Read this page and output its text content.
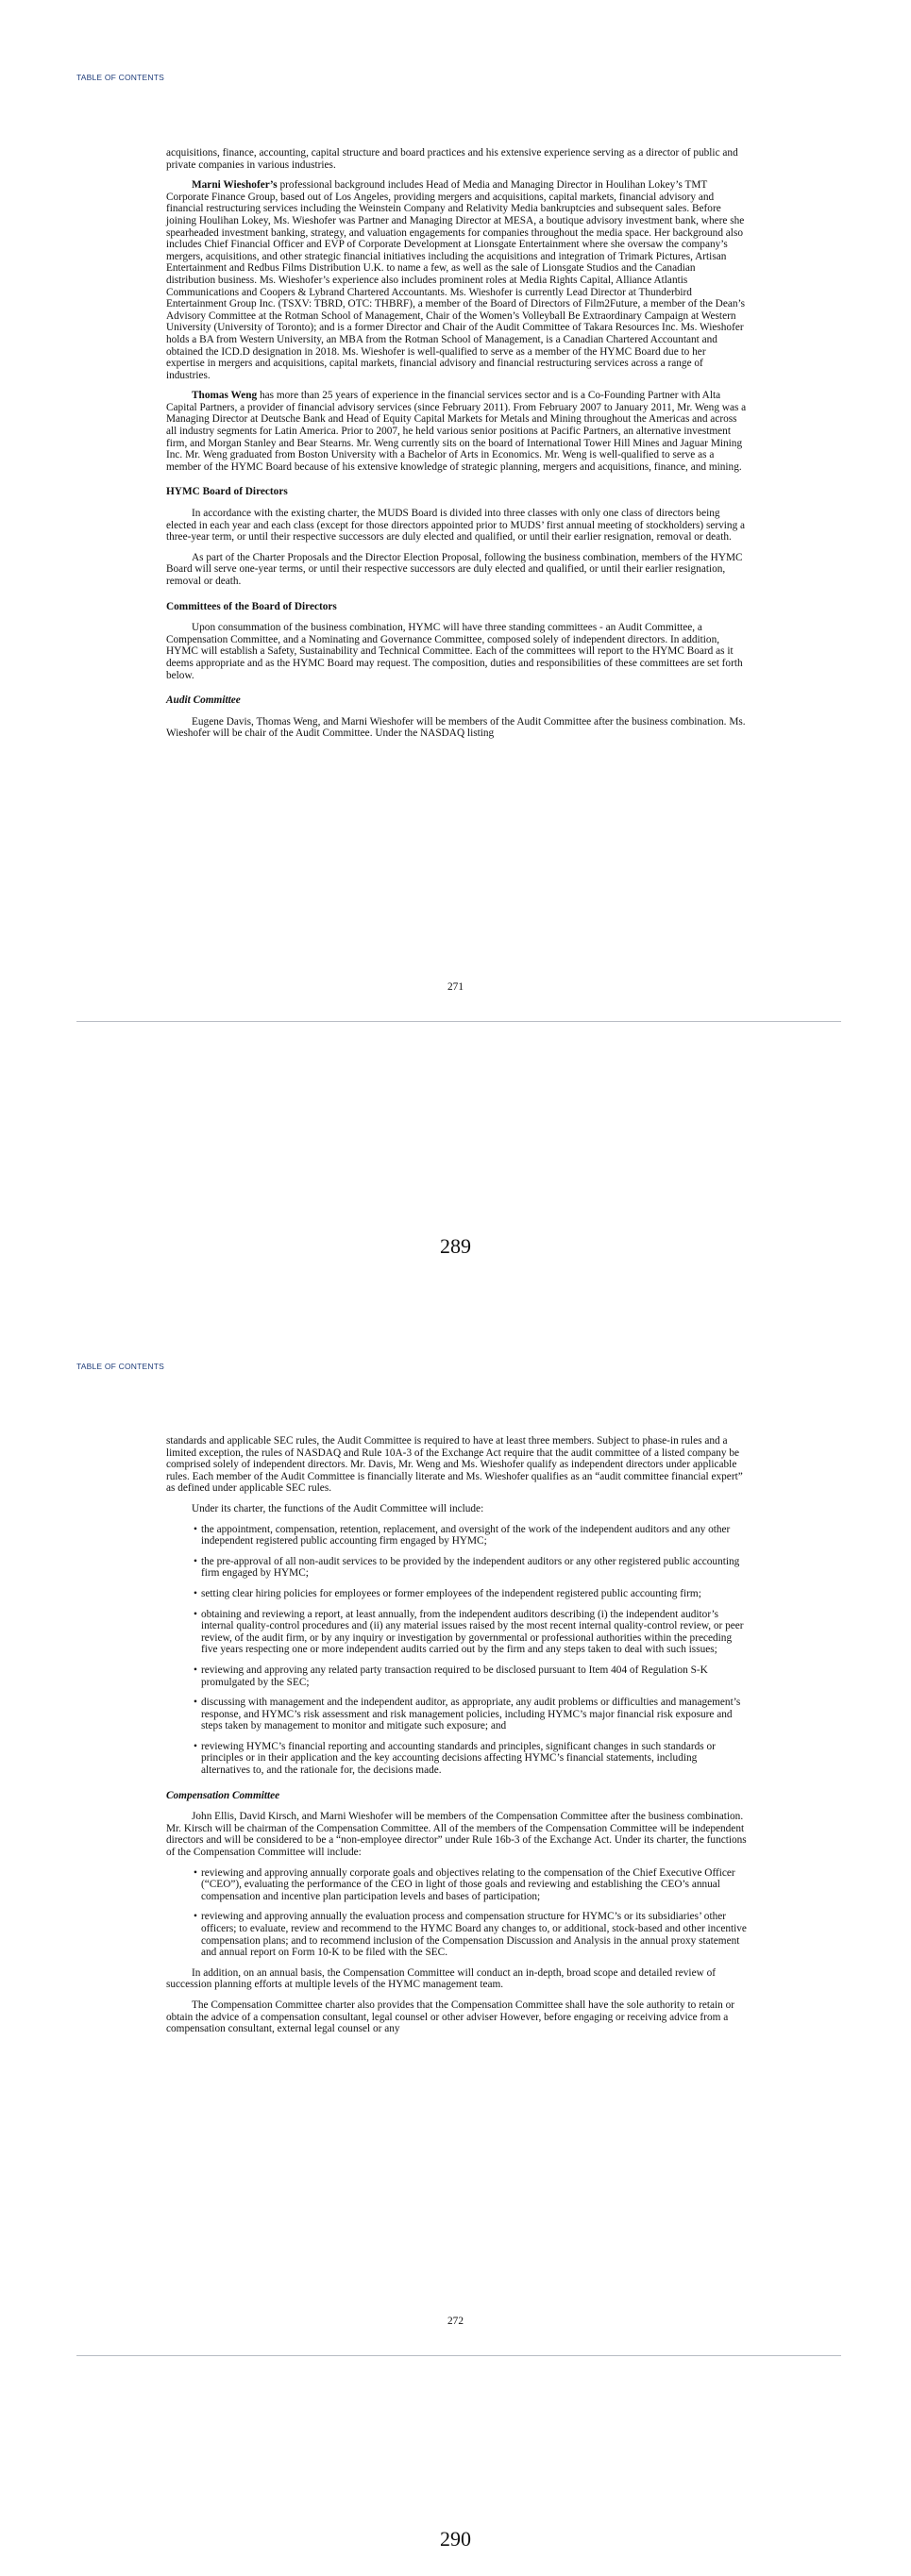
TABLE OF CONTENTS

acquisitions, finance, accounting, capital structure and board practices and his extensive experience serving as a director of public and private companies in various industries.

Marni Wieshofer’s professional background includes Head of Media and Managing Director in Houlihan Lokey’s TMT Corporate Finance Group, based out of Los Angeles, providing mergers and acquisitions, capital markets, financial advisory and financial restructuring services including the Weinstein Company and Relativity Media bankruptcies and subsequent sales. Before joining Houlihan Lokey, Ms. Wieshofer was Partner and Managing Director at MESA, a boutique advisory investment bank, where she spearheaded investment banking, strategy, and valuation engagements for companies throughout the media space. Her background also includes Chief Financial Officer and EVP of Corporate Development at Lionsgate Entertainment where she oversaw the company’s mergers, acquisitions, and other strategic financial initiatives including the acquisitions and integration of Trimark Pictures, Artisan Entertainment and Redbus Films Distribution U.K. to name a few, as well as the sale of Lionsgate Studios and the Canadian distribution business. Ms. Wieshofer’s experience also includes prominent roles at Media Rights Capital, Alliance Atlantis Communications and Coopers & Lybrand Chartered Accountants. Ms. Wieshofer is currently Lead Director at Thunderbird Entertainment Group Inc. (TSXV: TBRD, OTC: THBRF), a member of the Board of Directors of Film2Future, a member of the Dean’s Advisory Committee at the Rotman School of Management, Chair of the Women’s Volleyball Be Extraordinary Campaign at Western University (University of Toronto); and is a former Director and Chair of the Audit Committee of Takara Resources Inc. Ms. Wieshofer holds a BA from Western University, an MBA from the Rotman School of Management, is a Canadian Chartered Accountant and obtained the ICD.D designation in 2018. Ms. Wieshofer is well-qualified to serve as a member of the HYMC Board due to her expertise in mergers and acquisitions, capital markets, financial advisory and financial restructuring services across a range of industries.

Thomas Weng has more than 25 years of experience in the financial services sector and is a Co-Founding Partner with Alta Capital Partners, a provider of financial advisory services (since February 2011). From February 2007 to January 2011, Mr. Weng was a Managing Director at Deutsche Bank and Head of Equity Capital Markets for Metals and Mining throughout the Americas and across all industry segments for Latin America. Prior to 2007, he held various senior positions at Pacific Partners, an alternative investment firm, and Morgan Stanley and Bear Stearns. Mr. Weng currently sits on the board of International Tower Hill Mines and Jaguar Mining Inc. Mr. Weng graduated from Boston University with a Bachelor of Arts in Economics. Mr. Weng is well-qualified to serve as a member of the HYMC Board because of his extensive knowledge of strategic planning, mergers and acquisitions, finance, and mining.

HYMC Board of Directors

In accordance with the existing charter, the MUDS Board is divided into three classes with only one class of directors being elected in each year and each class (except for those directors appointed prior to MUDS’ first annual meeting of stockholders) serving a three-year term, or until their respective successors are duly elected and qualified, or until their earlier resignation, removal or death.

As part of the Charter Proposals and the Director Election Proposal, following the business combination, members of the HYMC Board will serve one-year terms, or until their respective successors are duly elected and qualified, or until their earlier resignation, removal or death.

Committees of the Board of Directors

Upon consummation of the business combination, HYMC will have three standing committees - an Audit Committee, a Compensation Committee, and a Nominating and Governance Committee, composed solely of independent directors. In addition, HYMC will establish a Safety, Sustainability and Technical Committee. Each of the committees will report to the HYMC Board as it deems appropriate and as the HYMC Board may request. The composition, duties and responsibilities of these committees are set forth below.

Audit Committee

Eugene Davis, Thomas Weng, and Marni Wieshofer will be members of the Audit Committee after the business combination. Ms. Wieshofer will be chair of the Audit Committee. Under the NASDAQ listing

271
289
TABLE OF CONTENTS

standards and applicable SEC rules, the Audit Committee is required to have at least three members. Subject to phase-in rules and a limited exception, the rules of NASDAQ and Rule 10A-3 of the Exchange Act require that the audit committee of a listed company be comprised solely of independent directors. Mr. Davis, Mr. Weng and Ms. Wieshofer qualify as independent directors under applicable rules. Each member of the Audit Committee is financially literate and Ms. Wieshofer qualifies as an “audit committee financial expert” as defined under applicable SEC rules.

Under its charter, the functions of the Audit Committee will include:

• the appointment, compensation, retention, replacement, and oversight of the work of the independent auditors and any other independent registered public accounting firm engaged by HYMC;
• the pre-approval of all non-audit services to be provided by the independent auditors or any other registered public accounting firm engaged by HYMC;
• setting clear hiring policies for employees or former employees of the independent registered public accounting firm;
• obtaining and reviewing a report, at least annually, from the independent auditors describing (i) the independent auditor’s internal quality-control procedures and (ii) any material issues raised by the most recent internal quality-control review, or peer review, of the audit firm, or by any inquiry or investigation by governmental or professional authorities within the preceding five years respecting one or more independent audits carried out by the firm and any steps taken to deal with such issues;
• reviewing and approving any related party transaction required to be disclosed pursuant to Item 404 of Regulation S-K promulgated by the SEC;
• discussing with management and the independent auditor, as appropriate, any audit problems or difficulties and management’s response, and HYMC’s risk assessment and risk management policies, including HYMC’s major financial risk exposure and steps taken by management to monitor and mitigate such exposure; and
• reviewing HYMC’s financial reporting and accounting standards and principles, significant changes in such standards or principles or in their application and the key accounting decisions affecting HYMC’s financial statements, including alternatives to, and the rationale for, the decisions made.
Compensation Committee

John Ellis, David Kirsch, and Marni Wieshofer will be members of the Compensation Committee after the business combination. Mr. Kirsch will be chairman of the Compensation Committee. All of the members of the Compensation Committee will be independent directors and will be considered to be a “non-employee director” under Rule 16b-3 of the Exchange Act. Under its charter, the functions of the Compensation Committee will include:

• reviewing and approving annually corporate goals and objectives relating to the compensation of the Chief Executive Officer (“CEO”), evaluating the performance of the CEO in light of those goals and reviewing and establishing the CEO’s annual compensation and incentive plan participation levels and bases of participation;
• reviewing and approving annually the evaluation process and compensation structure for HYMC’s or its subsidiaries’ other officers; to evaluate, review and recommend to the HYMC Board any changes to, or additional, stock-based and other incentive compensation plans; and to recommend inclusion of the Compensation Discussion and Analysis in the annual proxy statement and annual report on Form 10-K to be filed with the SEC.

In addition, on an annual basis, the Compensation Committee will conduct an in-depth, broad scope and detailed review of succession planning efforts at multiple levels of the HYMC management team.

The Compensation Committee charter also provides that the Compensation Committee shall have the sole authority to retain or obtain the advice of a compensation consultant, legal counsel or other adviser However, before engaging or receiving advice from a compensation consultant, external legal counsel or any

272
290
